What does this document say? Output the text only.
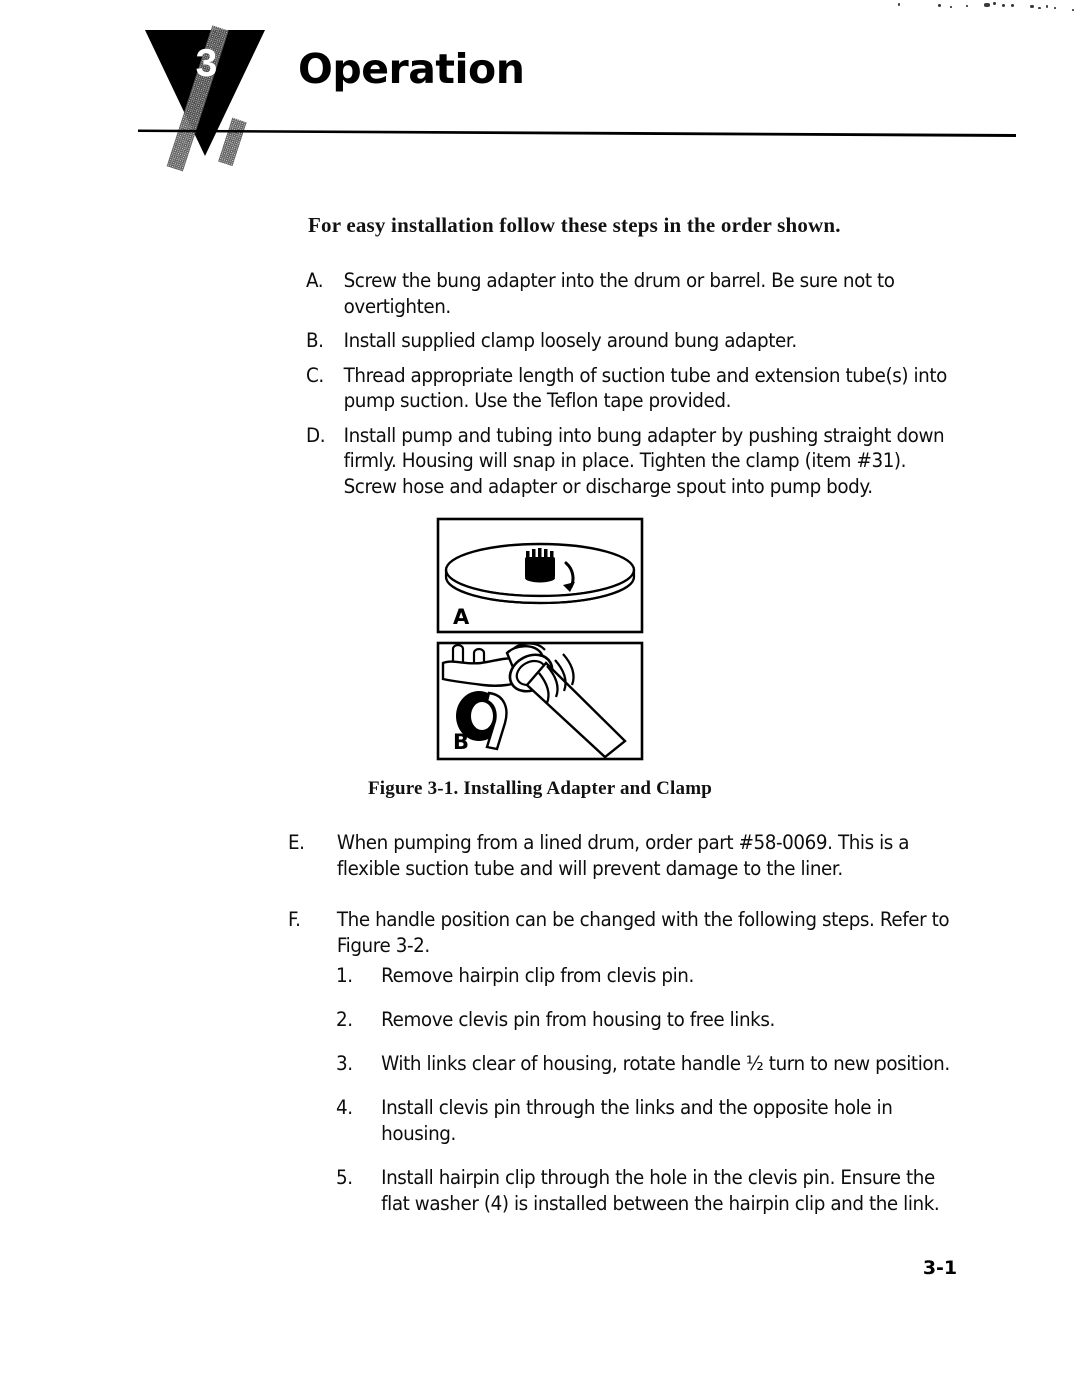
3 Operation
For easy installation follow these steps in the order shown.
A.	Screw the bung adapter into the drum or barrel. Be sure not to overtighten.
B.	Install supplied clamp loosely around bung adapter.
C.	Thread appropriate length of suction tube and extension tube(s) into pump suction. Use the Teflon tape provided.
D. Install pump and tubing into bung adapter by pushing straight down firmly. Housing will snap in place. Tighten the clamp (item #31). Screw hose and adapter or discharge spout into pump body.
A
B
Figure 3-1. Installing Adapter and Clamp
E.	When pumping from a lined drum, order part #58-0069. This is a flexible suction tube and will prevent damage to the liner.
F.	The handle position can be changed with the following steps. Refer to Figure 3-2.
1.	Remove hairpin clip from clevis pin.
2.	Remove clevis pin from housing to free links.
3.	With links clear of housing, rotate handle ½ turn to new position.
4.	Install clevis pin through the links and the opposite hole in housing.
5.	Install hairpin clip through the hole in the clevis pin. Ensure the flat washer (4) is installed between the hairpin clip and the link.
3-1
